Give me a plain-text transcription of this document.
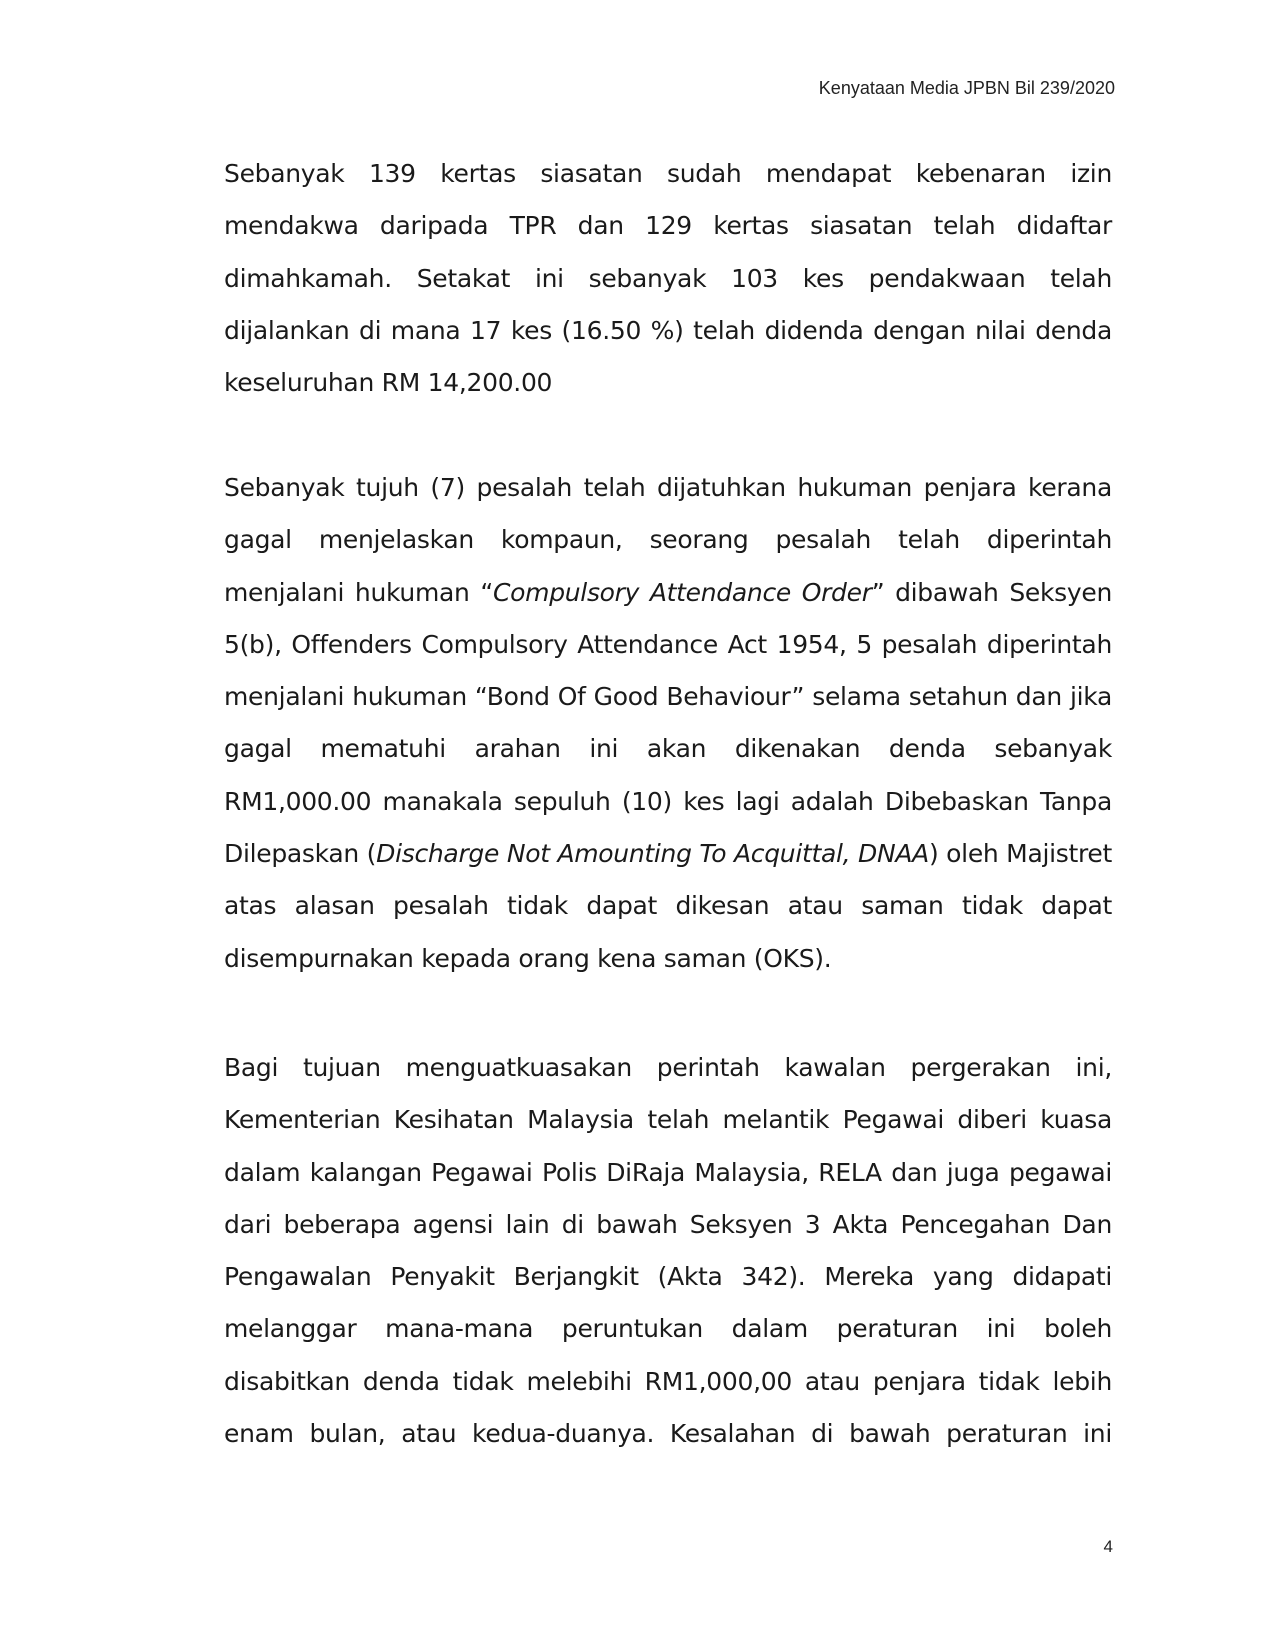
Kenyataan Media JPBN Bil 239/2020

Sebanyak 139 kertas siasatan sudah mendapat kebenaran izin mendakwa daripada TPR dan 129 kertas siasatan telah didaftar dimahkamah. Setakat ini sebanyak 103 kes pendakwaan telah dijalankan di mana 17 kes (16.50 %) telah didenda dengan nilai denda keseluruhan RM 14,200.00

Sebanyak tujuh (7) pesalah telah dijatuhkan hukuman penjara kerana gagal menjelaskan kompaun, seorang pesalah telah diperintah menjalani hukuman “Compulsory Attendance Order” dibawah Seksyen 5(b), Offenders Compulsory Attendance Act 1954, 5 pesalah diperintah menjalani hukuman “Bond Of Good Behaviour” selama setahun dan jika gagal mematuhi arahan ini akan dikenakan denda sebanyak RM1,000.00 manakala sepuluh (10) kes lagi adalah Dibebaskan Tanpa Dilepaskan (Discharge Not Amounting To Acquittal, DNAA) oleh Majistret atas alasan pesalah tidak dapat dikesan atau saman tidak dapat disempurnakan kepada orang kena saman (OKS).

Bagi tujuan menguatkuasakan perintah kawalan pergerakan ini, Kementerian Kesihatan Malaysia telah melantik Pegawai diberi kuasa dalam kalangan Pegawai Polis DiRaja Malaysia, RELA dan juga pegawai dari beberapa agensi lain di bawah Seksyen 3 Akta Pencegahan Dan Pengawalan Penyakit Berjangkit (Akta 342). Mereka yang didapati melanggar mana-mana peruntukan dalam peraturan ini boleh disabitkan denda tidak melebihi RM1,000,00 atau penjara tidak lebih enam bulan, atau kedua-duanya. Kesalahan di bawah peraturan ini

4
